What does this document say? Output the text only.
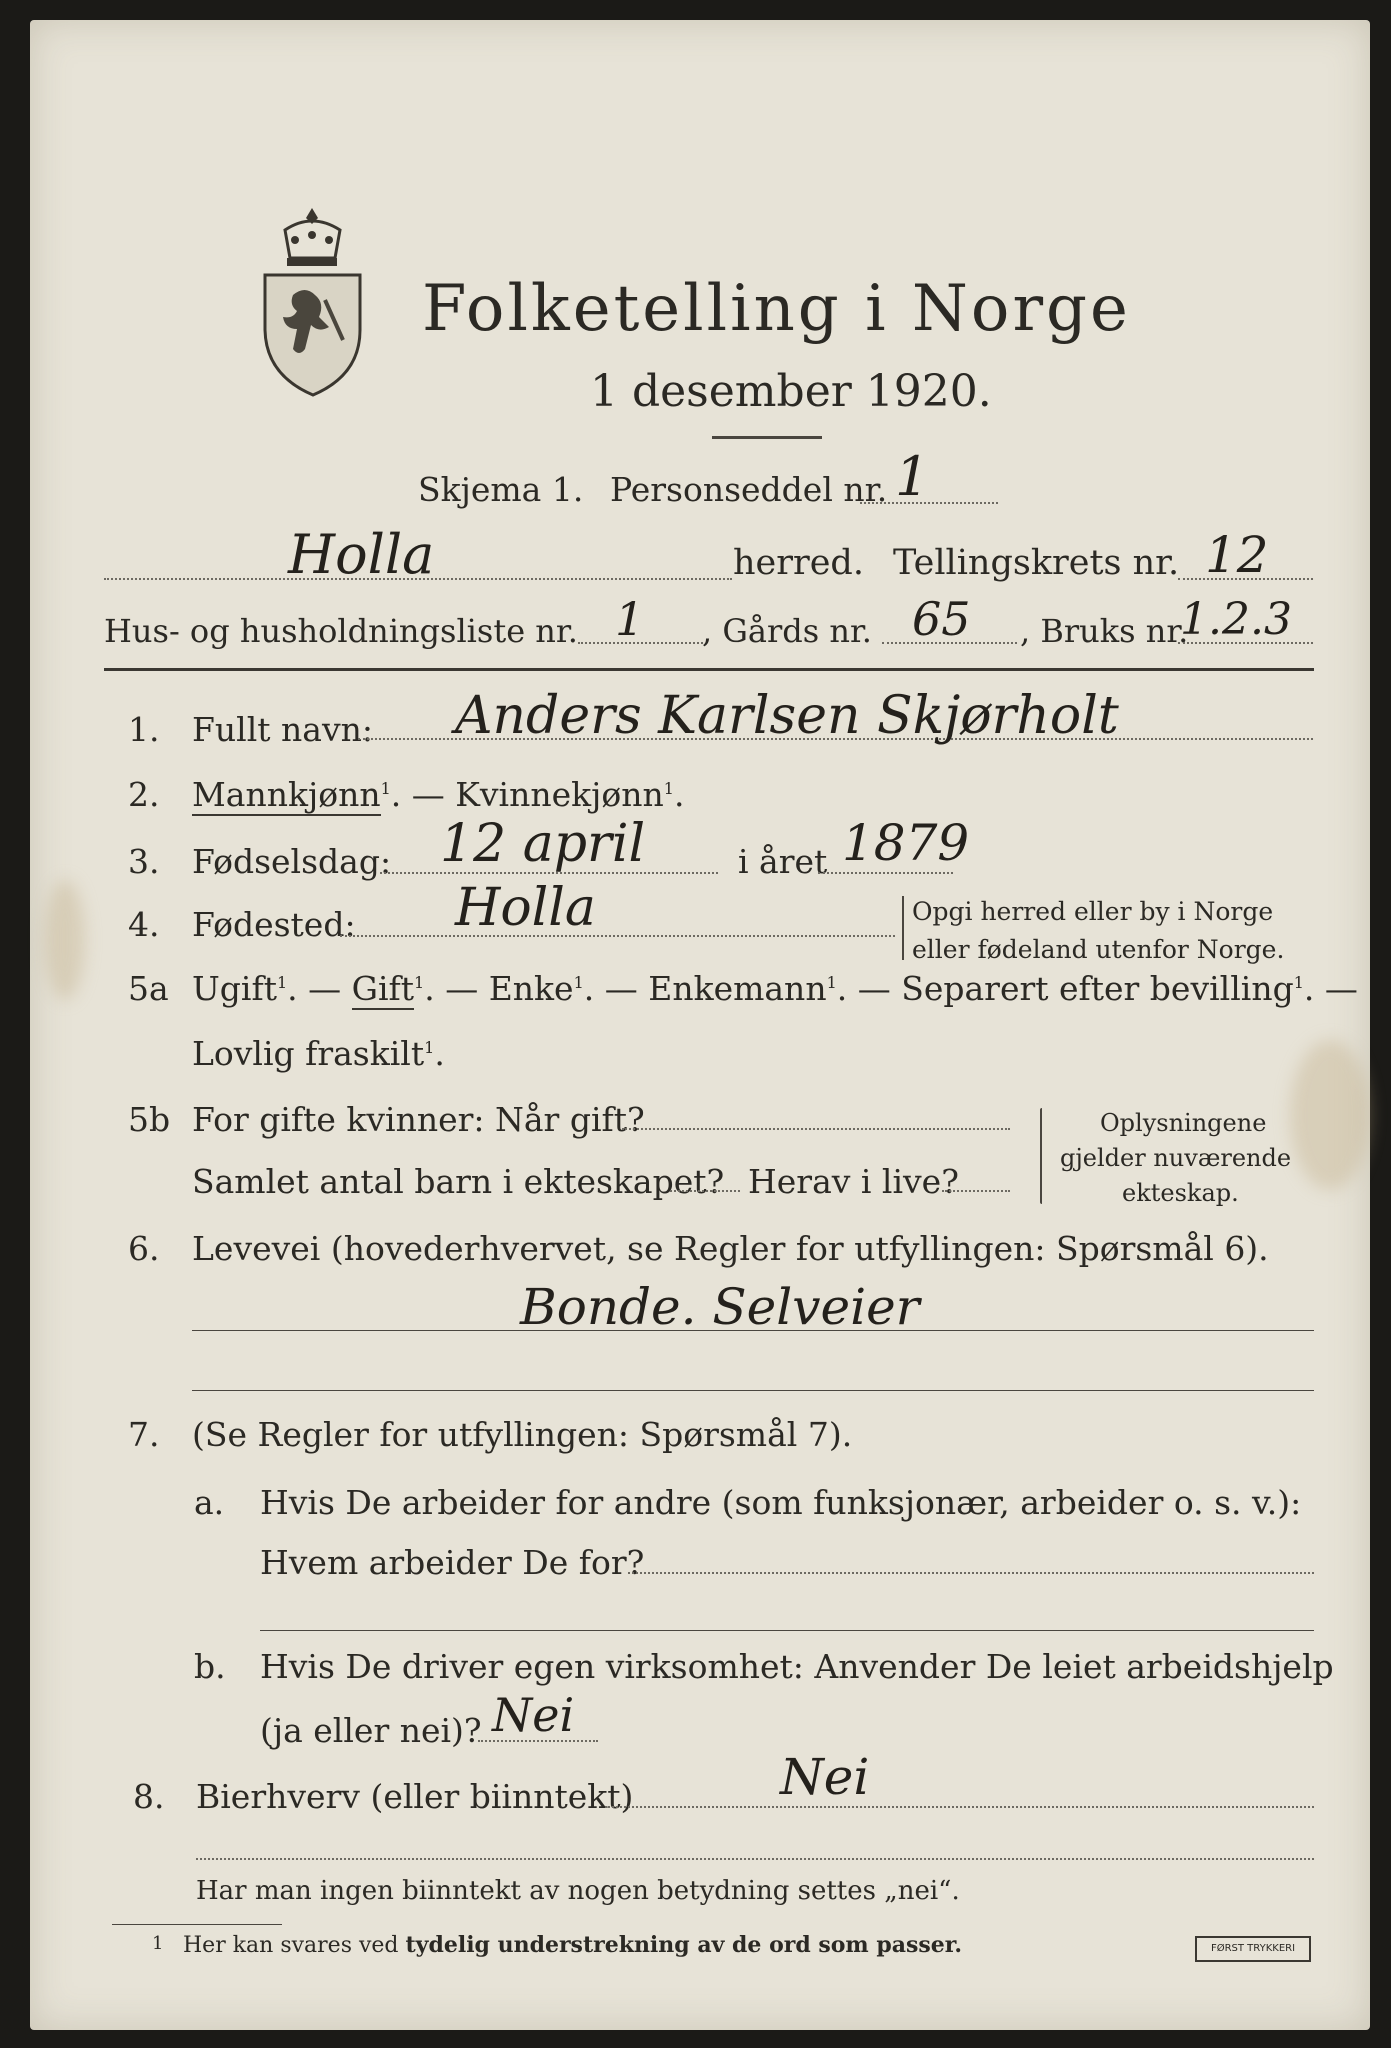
Folketelling i Norge
1 desember 1920.
Skjema 1. Personseddel nr. 1
Holla	herred. Tellingskrets nr. 12
Hus- og husholdningsliste nr. 1 , Gårds nr. 65 , Bruks nr.
1.2.3
1. Fullt navn: Anders Karlsen Skjørholt
2. Mannkjønn$^1$. — Kvinnekjønn$^1$.
3. Fødselsdag: 12 april	i året 1879
4. Fødested: Holla	Opgi herred eller by i Norge
eller fødeland utenfor Norge.
5a Ugift$^1$. — Gift$^1$. — Enke$^1$. — Enkemann$^1$. — Separert efter bevilling$^1$. —
Lovlig fraskilt$^1$.
5b For gifte kvinner: Når gift?
Samlet antal barn i ekteskapet? Herav i live?
Oplysningene
gjelder nuværende
ekteskap.
6. Levevei (hovederhvervet, se Regler for utfyllingen: Spørsmål 6).
Bonde. Selveier
7. (Se Regler for utfyllingen: Spørsmål 7).
a. Hvis De arbeider for andre (som funksjonær, arbeider o. s. v.):
Hvem arbeider De for?
b. Hvis De driver egen virksomhet: Anvender De leiet arbeidshjelp
(ja eller nei)? Nei
8. Bierhverv (eller biinntekt)	Nei
Har man ingen biinntekt av nogen betydning settes „nei“.
1 Her kan svares ved tydelig understrekning av de ord som passer.	FØRST TRYKKERI
